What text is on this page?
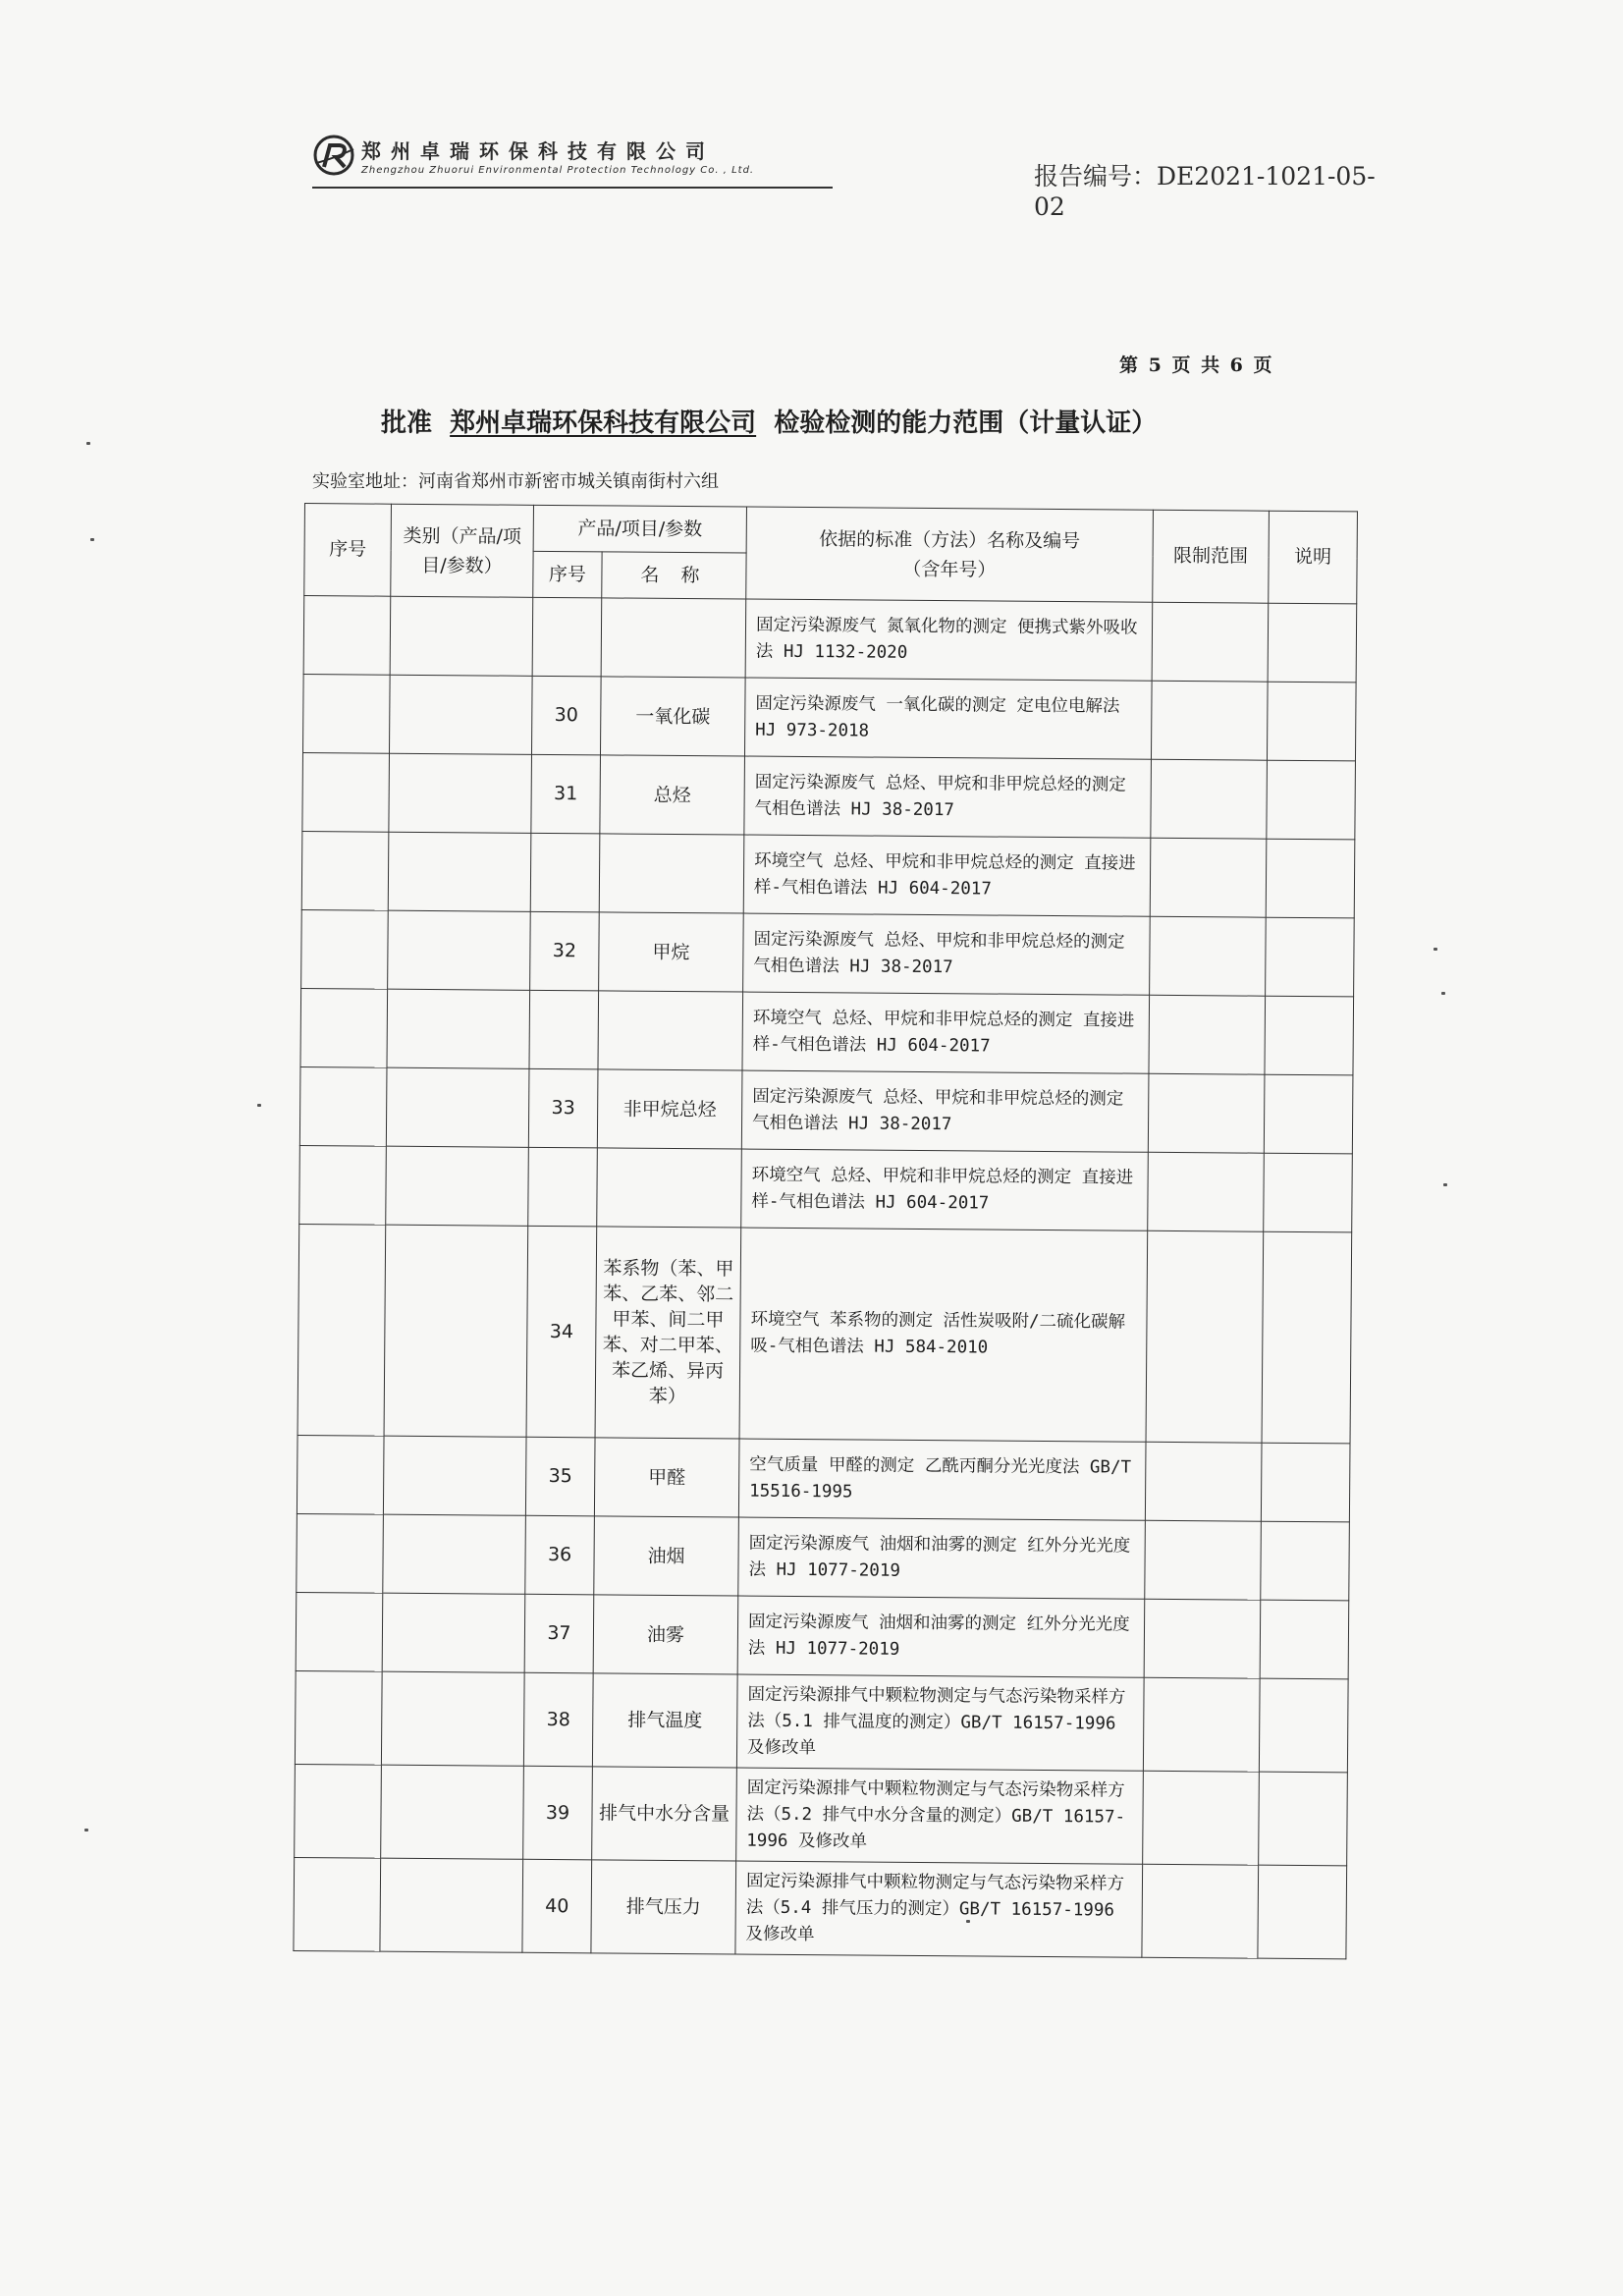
郑州卓瑞环保科技有限公司
Zhengzhou Zhuorui Environmental Protection Technology Co. , Ltd.	报告编号：DE2021-1021-05-02
第 5 页 共 6 页
批准 郑州卓瑞环保科技有限公司 检验检测的能力范围（计量认证）
实验室地址：河南省郑州市新密市城关镇南街村六组
序号	类别（产品/项目/参数）	产品/项目/参数		依据的标准（方法）名称及编号（含年号）	限制范围	说明
		序号	名 称			
				固定污染源废气 氮氧化物的测定 便携式紫外吸收法 HJ 1132-2020		
		30	一氧化碳	固定污染源废气 一氧化碳的测定 定电位电解法 HJ 973-2018		
		31	总烃	固定污染源废气 总烃、甲烷和非甲烷总烃的测定 气相色谱法 HJ 38-2017		
				环境空气 总烃、甲烷和非甲烷总烃的测定 直接进样-气相色谱法 HJ 604-2017		
		32	甲烷	固定污染源废气 总烃、甲烷和非甲烷总烃的测定 气相色谱法 HJ 38-2017		
				环境空气 总烃、甲烷和非甲烷总烃的测定 直接进样-气相色谱法 HJ 604-2017		
		33	非甲烷总烃	固定污染源废气 总烃、甲烷和非甲烷总烃的测定 气相色谱法 HJ 38-2017		
				环境空气 总烃、甲烷和非甲烷总烃的测定 直接进样-气相色谱法 HJ 604-2017		
		34	苯系物（苯、甲苯、乙苯、邻二甲苯、间二甲苯、对二甲苯、苯乙烯、异丙苯）	环境空气 苯系物的测定 活性炭吸附/二硫化碳解吸-气相色谱法 HJ 584-2010		
		35	甲醛	空气质量 甲醛的测定 乙酰丙酮分光光度法 GB/T 15516-1995		
		36	油烟	固定污染源废气 油烟和油雾的测定 红外分光光度法 HJ 1077-2019		
		37	油雾	固定污染源废气 油烟和油雾的测定 红外分光光度法 HJ 1077-2019		
		38	排气温度	固定污染源排气中颗粒物测定与气态污染物采样方法（5.1 排气温度的测定）GB/T 16157-1996 及修改单		
		39	排气中水分含量	固定污染源排气中颗粒物测定与气态污染物采样方法（5.2 排气中水分含量的测定）GB/T 16157-1996 及修改单		
		40	排气压力	固定污染源排气中颗粒物测定与气态污染物采样方法（5.4 排气压力的测定）GB/T 16157-1996 及修改单		
